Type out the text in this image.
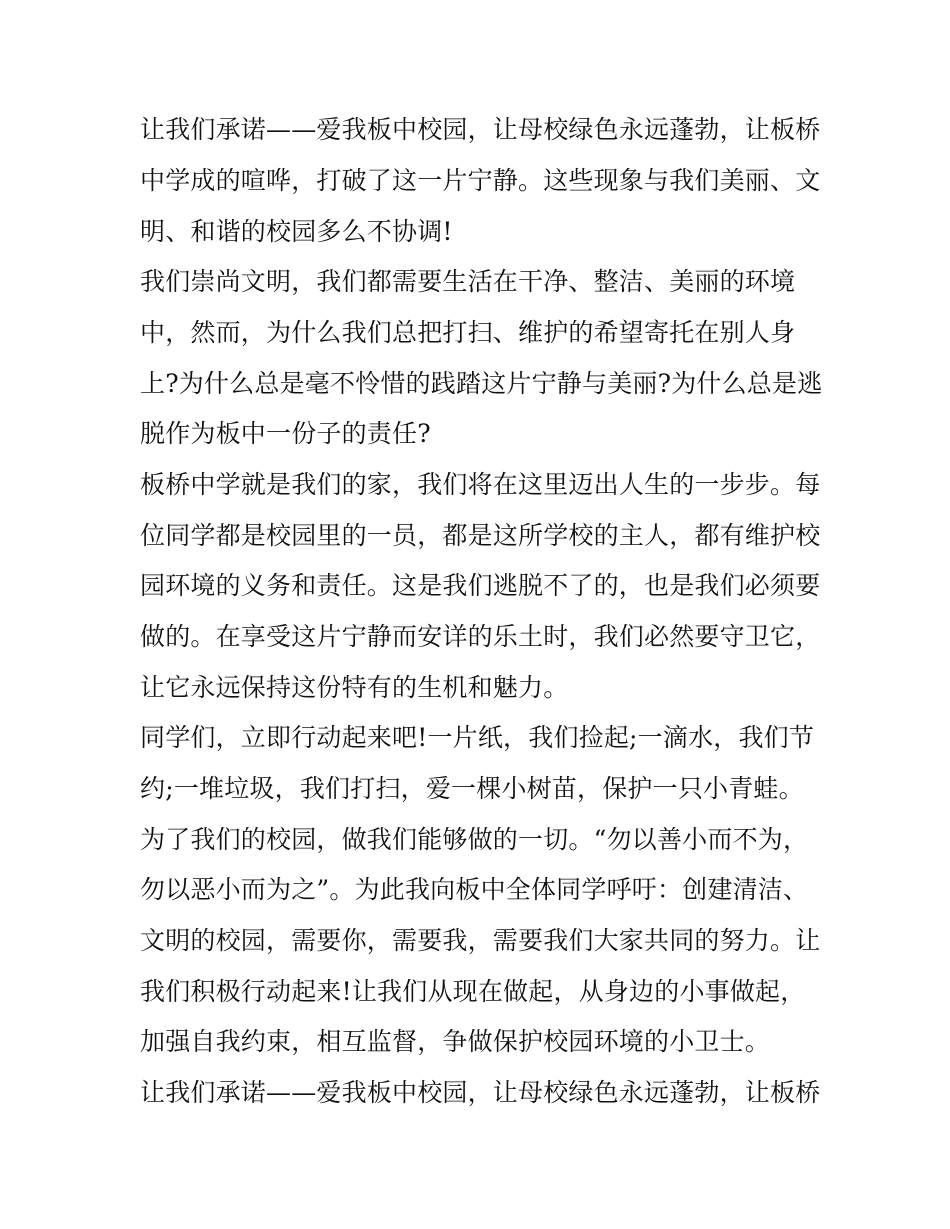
让我们承诺——爱我板中校园，让母校绿色永远蓬勃，让板桥
中学成的喧哗，打破了这一片宁静。这些现象与我们美丽、文
明、和谐的校园多么不协调!
我们崇尚文明，我们都需要生活在干净、整洁、美丽的环境
中，然而，为什么我们总把打扫、维护的希望寄托在别人身
上?为什么总是毫不怜惜的践踏这片宁静与美丽?为什么总是逃
脱作为板中一份子的责任?
板桥中学就是我们的家，我们将在这里迈出人生的一步步。每
位同学都是校园里的一员，都是这所学校的主人，都有维护校
园环境的义务和责任。这是我们逃脱不了的，也是我们必须要
做的。在享受这片宁静而安详的乐土时，我们必然要守卫它，
让它永远保持这份特有的生机和魅力。
同学们，立即行动起来吧!一片纸，我们捡起;一滴水，我们节
约;一堆垃圾，我们打扫，爱一棵小树苗，保护一只小青蛙。
为了我们的校园，做我们能够做的一切。“勿以善小而不为，
勿以恶小而为之”。为此我向板中全体同学呼吁：创建清洁、
文明的校园，需要你，需要我，需要我们大家共同的努力。让
我们积极行动起来!让我们从现在做起，从身边的小事做起，
加强自我约束，相互监督，争做保护校园环境的小卫士。
让我们承诺——爱我板中校园，让母校绿色永远蓬勃，让板桥
